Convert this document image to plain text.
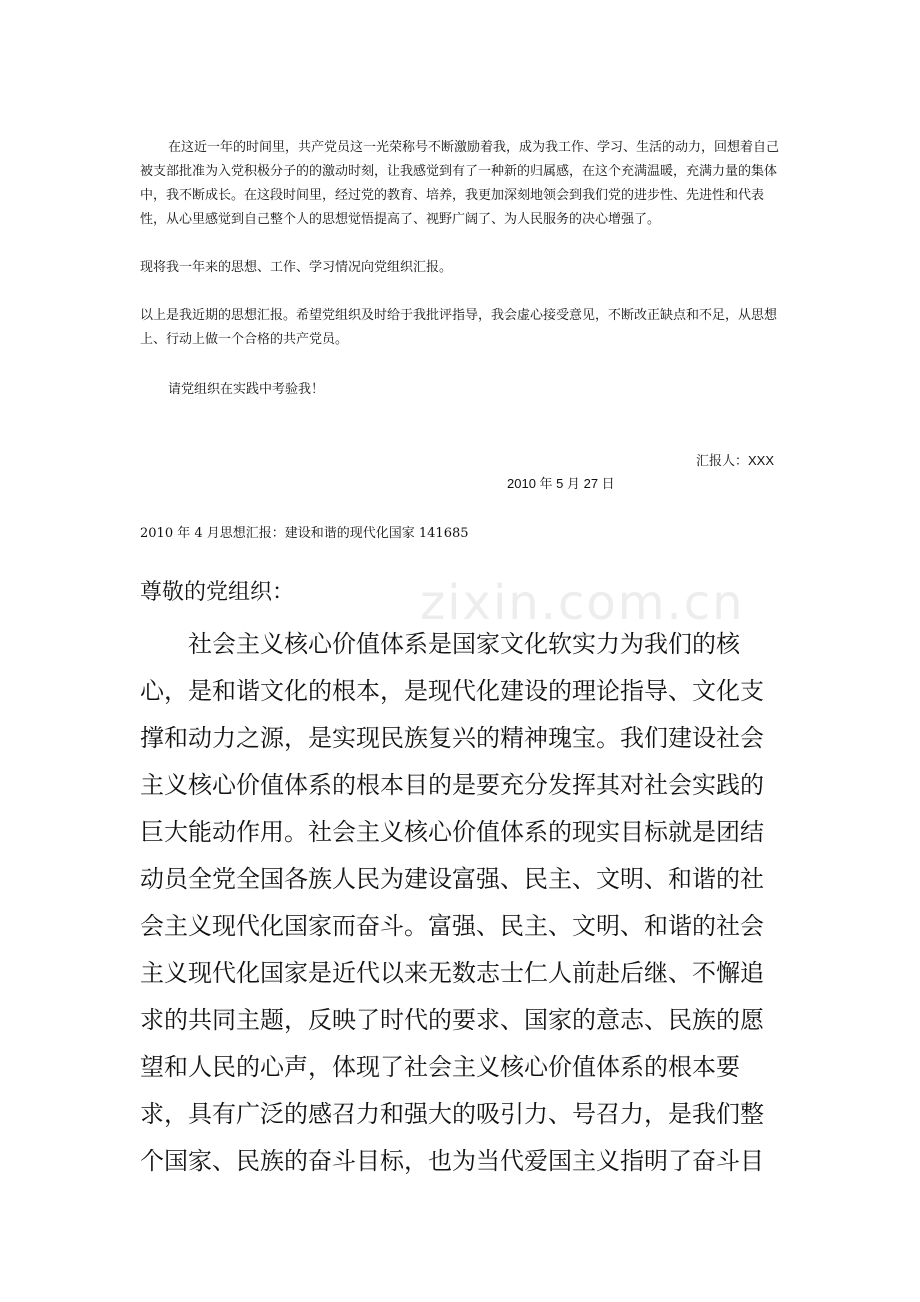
在这近一年的时间里，共产党员这一光荣称号不断激励着我，成为我工作、学习、生活的动力，回想着自己被支部批准为入党积极分子的的激动时刻，让我感觉到有了一种新的归属感，在这个充满温暖，充满力量的集体中，我不断成长。在这段时间里，经过党的教育、培养，我更加深刻地领会到我们党的进步性、先进性和代表性，从心里感觉到自己整个人的思想觉悟提高了、视野广阔了、为人民服务的决心增强了。

现将我一年来的思想、工作、学习情况向党组织汇报。

以上是我近期的思想汇报。希望党组织及时给于我批评指导，我会虚心接受意见，不断改正缺点和不足，从思想上、行动上做一个合格的共产党员。

请党组织在实践中考验我！

汇报人：XXX

2010 年 5 月 27 日

2010 年 4 月思想汇报：建设和谐的现代化国家 141685

zixin.com.cn

尊敬的党组织：

社会主义核心价值体系是国家文化软实力为我们的核心，是和谐文化的根本，是现代化建设的理论指导、文化支撑和动力之源，是实现民族复兴的精神瑰宝。我们建设社会主义核心价值体系的根本目的是要充分发挥其对社会实践的巨大能动作用。社会主义核心价值体系的现实目标就是团结动员全党全国各族人民为建设富强、民主、文明、和谐的社会主义现代化国家而奋斗。富强、民主、文明、和谐的社会主义现代化国家是近代以来无数志士仁人前赴后继、不懈追求的共同主题，反映了时代的要求、国家的意志、民族的愿望和人民的心声，体现了社会主义核心价值体系的根本要求，具有广泛的感召力和强大的吸引力、号召力，是我们整个国家、民族的奋斗目标，也为当代爱国主义指明了奋斗目
